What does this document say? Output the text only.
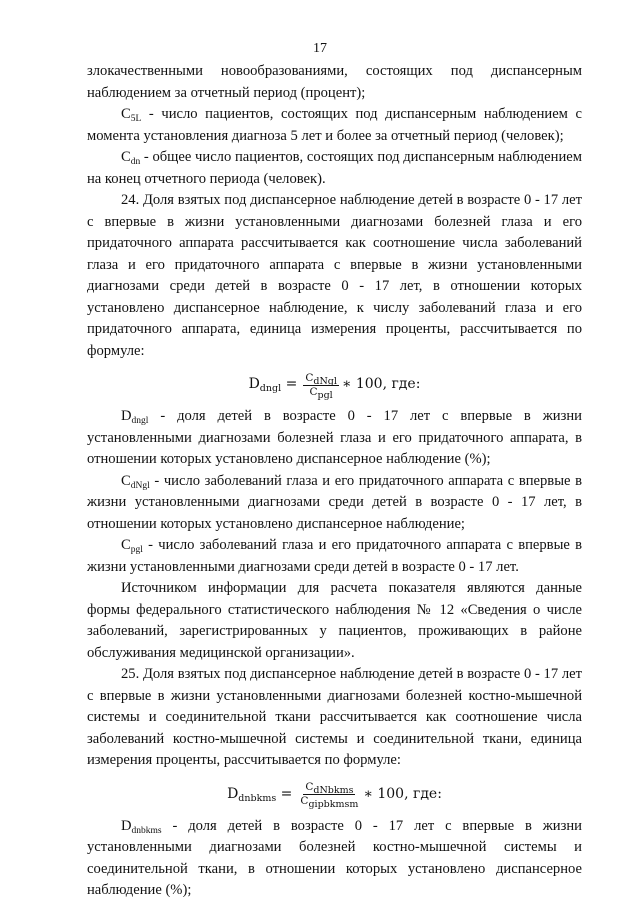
17

злокачественными новообразованиями, состоящих под диспансерным наблюдением за отчетный период (процент);

$C_{5L}$ - число пациентов, состоящих под диспансерным наблюдением с момента установления диагноза 5 лет и более за отчетный период (человек);

$C_{dn}$ - общее число пациентов, состоящих под диспансерным наблюдением на конец отчетного периода (человек).

24. Доля взятых под диспансерное наблюдение детей в возрасте 0 - 17 лет с впервые в жизни установленными диагнозами болезней глаза и его придаточного аппарата рассчитывается как соотношение числа заболеваний глаза и его придаточного аппарата с впервые в жизни установленными диагнозами среди детей в возрасте 0 - 17 лет, в отношении которых установлено диспансерное наблюдение, к числу заболеваний глаза и его придаточного аппарата, единица измерения проценты, рассчитывается по формуле:

$D_{dngl} = \frac{C_{dNgl}}{C_{pgl}}$ ∗ 100, где:

$D_{dngl}$ - доля детей в возрасте 0 - 17 лет с впервые в жизни установленными диагнозами болезней глаза и его придаточного аппарата, в отношении которых установлено диспансерное наблюдение (%);

$C_{dNgl}$ - число заболеваний глаза и его придаточного аппарата с впервые в жизни установленными диагнозами среди детей в возрасте 0 - 17 лет, в отношении которых установлено диспансерное наблюдение;

$C_{pgl}$ - число заболеваний глаза и его придаточного аппарата с впервые в жизни установленными диагнозами среди детей в возрасте 0 - 17 лет.

Источником информации для расчета показателя являются данные формы федерального статистического наблюдения № 12 «Сведения о числе заболеваний, зарегистрированных у пациентов, проживающих в районе обслуживания медицинской организации».

25. Доля взятых под диспансерное наблюдение детей в возрасте 0 - 17 лет с впервые в жизни установленными диагнозами болезней костно-мышечной системы и соединительной ткани рассчитывается как соотношение числа заболеваний костно-мышечной системы и соединительной ткани, единица измерения проценты, рассчитывается по формуле:

$D_{dnbkms} = \frac{C_{dNbkms}}{C_{gipbkmsm}}$ ∗ 100, где:

$D_{dnbkms}$ - доля детей в возрасте 0 - 17 лет с впервые в жизни установленными диагнозами болезней костно-мышечной системы и соединительной ткани, в отношении которых установлено диспансерное наблюдение (%);
